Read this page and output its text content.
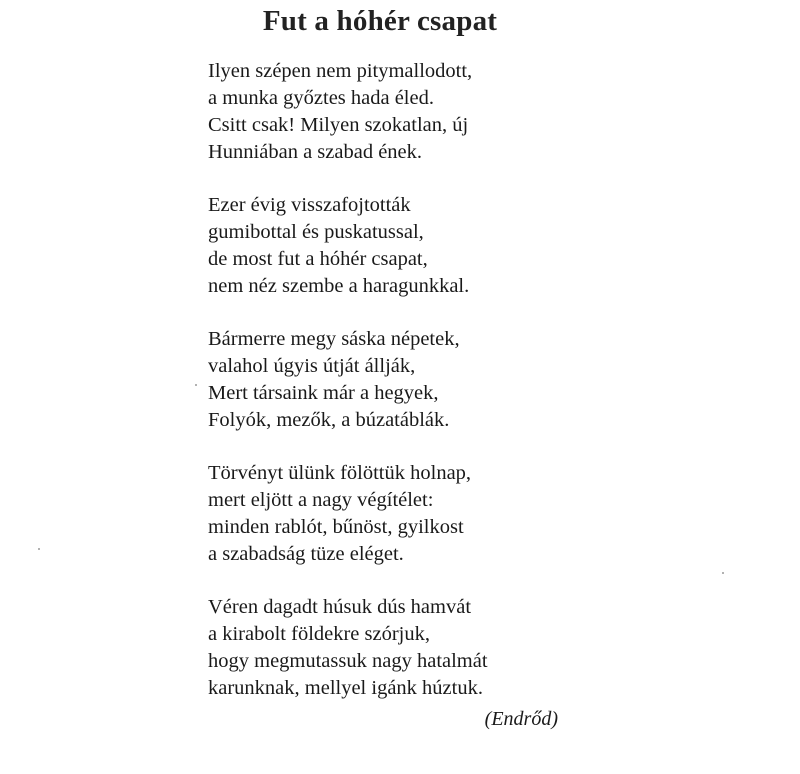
Fut a hóhér csapat
Ilyen szépen nem pitymallodott,
a munka győztes hada éled.
Csitt csak! Milyen szokatlan, új
Hunniában a szabad ének.
Ezer évig visszafojtották
gumibottal és puskatussal,
de most fut a hóhér csapat,
nem néz szembe a haragunkkal.
Bármerre megy sáska népetek,
valahol úgyis útját állják,
Mert társaink már a hegyek,
Folyók, mezők, a búzatáblák.
Törvényt ülünk fölöttük holnap,
mert eljött a nagy végítélet:
minden rablót, bűnöst, gyilkost
a szabadság tüze eléget.
Véren dagadt húsuk dús hamvát
a kirabolt földekre szórjuk,
hogy megmutassuk nagy hatalmát
karunknak, mellyel igánk húztuk.
(Endrőd)
